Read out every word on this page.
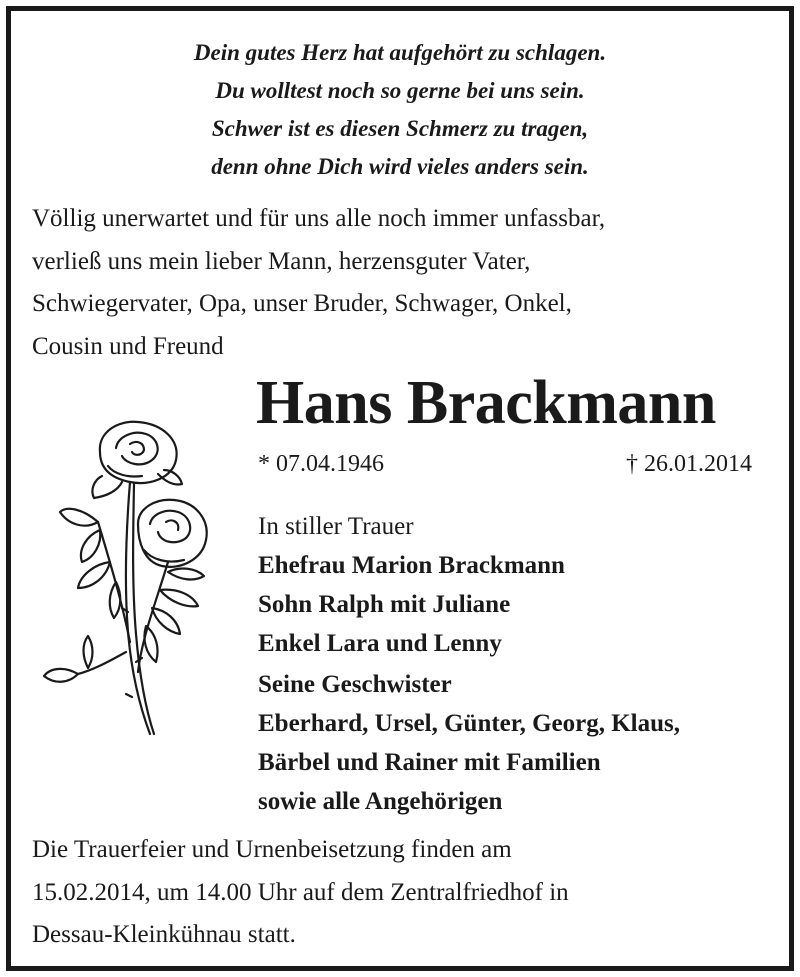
Dein gutes Herz hat aufgehört zu schlagen.
Du wolltest noch so gerne bei uns sein.
Schwer ist es diesen Schmerz zu tragen,
denn ohne Dich wird vieles anders sein.
Völlig unerwartet und für uns alle noch immer unfassbar,
verließ uns mein lieber Mann, herzensguter Vater,
Schwiegervater, Opa, unser Bruder, Schwager, Onkel,
Cousin und Freund
Hans Brackmann
* 07.04.1946	† 26.01.2014
In stiller Trauer
Ehefrau Marion Brackmann
Sohn Ralph mit Juliane
Enkel Lara und Lenny
Seine Geschwister
Eberhard, Ursel, Günter, Georg, Klaus,
Bärbel und Rainer mit Familien
sowie alle Angehörigen
Die Trauerfeier und Urnenbeisetzung finden am
15.02.2014, um 14.00 Uhr auf dem Zentralfriedhof in
Dessau-Kleinkühnau statt.
